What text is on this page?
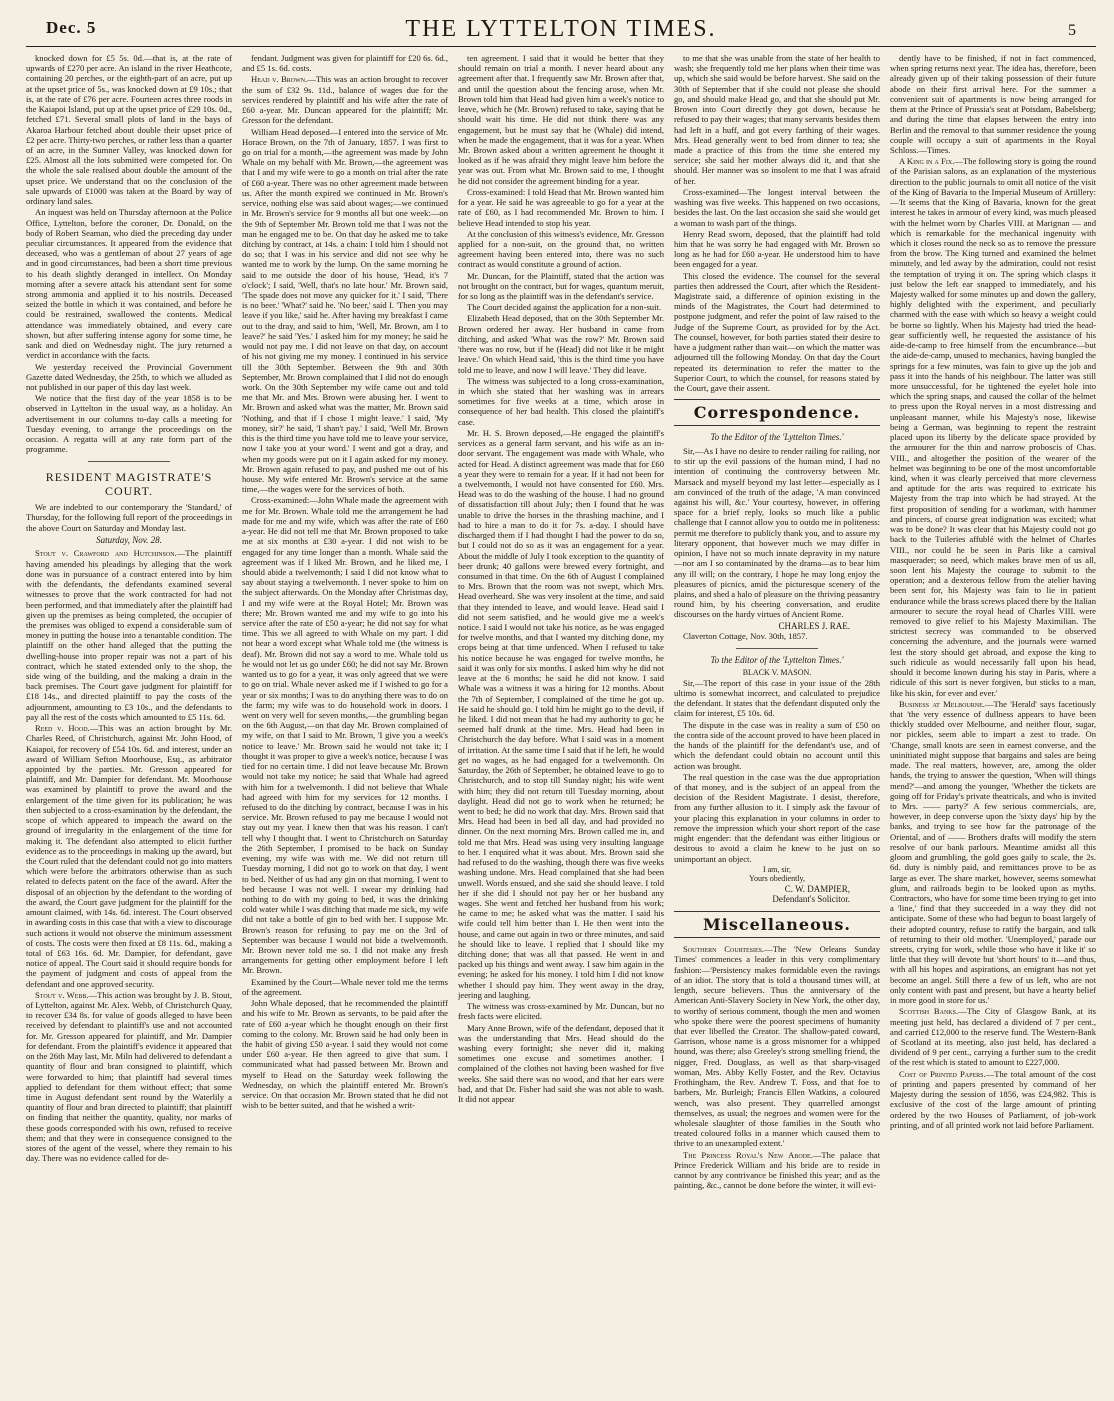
Dec. 5	THE LYTTELTON TIMES.	5

knocked down for £5 5s. 0d.—that is, at the rate of upwards of £270 per acre. An island in the river Heathcote, containing 20 perches, or the eighth-part of an acre, put up at the upset price of 5s., was knocked down at £9 10s.; that is, at the rate of £76 per acre. Fourteen acres three roods in the Kaiapoi Island, put up at the upset price of £29 10s. 0d., fetched £71. Several small plots of land in the bays of Akaroa Harbour fetched about double their upset price of £2 per acre. Thirty-two perches, or rather less than a quarter of an acre, in the Sumner Valley, was knocked down for £25. Almost all the lots submitted were competed for. On the whole the sale realised about double the amount of the upset price. We understand that on the conclusion of the sale upwards of £1000 was taken at the Board by way of ordinary land sales.

An inquest was held on Thursday afternoon at the Police Office, Lyttelton, before the coroner, Dr. Donald, on the body of Robert Seaman, who died the preceding day under peculiar circumstances. It appeared from the evidence that deceased, who was a gentleman of about 27 years of age and in good circumstances, had been a short time previous to his death slightly deranged in intellect. On Monday morning after a severe attack his attendant sent for some strong ammonia and applied it to his nostrils. Deceased seized the bottle in which it was contained, and before he could be restrained, swallowed the contents. Medical attendance was immediately obtained, and every care shown, but after suffering intense agony for some time, he sank and died on Wednesday night. The jury returned a verdict in accordance with the facts.

We yesterday received the Provincial Government Gazette dated Wednesday, the 25th, to which we alluded as not published in our paper of this day last week.

We notice that the first day of the year 1858 is to be observed in Lyttelton in the usual way, as a holiday. An advertisement in our columns to-day calls a meeting for Tuesday evening, to arrange the proceedings on the occasion. A regatta will at any rate form part of the programme.

RESIDENT MAGISTRATE'S COURT.

We are indebted to our contemporary the 'Standard,' of Thursday, for the following full report of the proceedings in the above Court on Saturday and Monday last.

Saturday, Nov. 28.

Stout v. Crawford and Hutchinson.—The plaintiff having amended his pleadings by alleging that the work done was in pursuance of a contract entered into by him with the defendants, the defendants examined several witnesses to prove that the work contracted for had not been performed, and that immediately after the plaintiff had given up the premises as being completed, the occupier of the premises was obliged to expend a considerable sum of money in putting the house into a tenantable condition. The plaintiff on the other hand alleged that the putting the dwelling-house into proper repair was not a part of his contract, which he stated extended only to the shop, the side wing of the building, and the making a drain in the back premises. The Court gave judgment for plaintiff for £18 14s., and directed plaintiff to pay the costs of the adjournment, amounting to £3 10s., and the defendants to pay all the rest of the costs which amounted to £5 11s. 6d.

Reed v. Hood.—This was an action brought by Mr. Charles Reed, of Christchurch, against Mr. John Hood, of Kaiapoi, for recovery of £54 10s. 6d. and interest, under an award of William Sefton Moorhouse, Esq., as arbitrator appointed by the parties. Mr. Gresson appeared for plaintiff, and Mr. Dampier for defendant. Mr. Moorhouse was examined by plaintiff to prove the award and the enlargement of the time given for its publication; he was then subjected to a cross-examination by the defendant, the scope of which appeared to impeach the award on the ground of irregularity in the enlargement of the time for making it. The defendant also attempted to elicit further evidence as to the proceedings in making up the award, but the Court ruled that the defendant could not go into matters which were before the arbitrators otherwise than as such related to defects patent on the face of the award. After the disposal of an objection by the defendant to the wording of the award, the Court gave judgment for the plaintiff for the amount claimed, with 14s. 6d. interest. The Court observed in awarding costs in this case that with a view to discourage such actions it would not observe the minimum assessment of costs. The costs were then fixed at £8 11s. 6d., making a total of £63 16s. 6d. Mr. Dampier, for defendant, gave notice of appeal. The Court said it should require bonds for the payment of judgment and costs of appeal from the defendant and one approved security.

Stout v. Webb.—This action was brought by J. B. Stout, of Lyttelton, against Mr. Alex. Webb, of Christchurch Quay, to recover £34 8s. for value of goods alleged to have been received by defendant to plaintiff's use and not accounted for. Mr. Gresson appeared for plaintiff, and Mr. Dampier for defendant. From the plaintiff's evidence it appeared that on the 26th May last, Mr. Miln had delivered to defendant a quantity of flour and bran consigned to plaintiff, which were forwarded to him; that plaintiff had several times applied to defendant for them without effect; that some time in August defendant sent round by the Waterlily a quantity of flour and bran directed to plaintiff; that plaintiff on finding that neither the quantity, quality, nor marks of these goods corresponded with his own, refused to receive them; and that they were in consequence consigned to the stores of the agent of the vessel, where they remain to his day. There was no evidence called for de-

fendant. Judgment was given for plaintiff for £20 6s. 6d., and £5 1s. 6d. costs.

Head v. Brown.—This was an action brought to recover the sum of £32 9s. 11d., balance of wages due for the services rendered by plaintiff and his wife after the rate of £60 a-year. Mr. Duncan appeared for the plaintiff; Mr. Gresson for the defendant.

William Head deposed—I entered into the service of Mr. Horace Brown, on the 7th of January, 1857. I was first to go on trial for a month,—the agreement was made by John Whale on my behalf with Mr. Brown,—the agreement was that I and my wife were to go a month on trial after the rate of £60 a-year. There was no other agreement made between us. After the month expired we continued in Mr. Brown's service, nothing else was said about wages;—we continued in Mr. Brown's service for 9 months all but one week:—on the 9th of September Mr. Brown told me that I was not the man he engaged me to be. On that day he asked me to take ditching by contract, at 14s. a chain: I told him I should not do so; that I was in his service and did not see why he wanted me to work by the lump. On the same morning he said to me outside the door of his house, 'Head, it's 7 o'clock'; I said, 'Well, that's no late hour.' Mr. Brown said, 'The spade does not move any quicker for it.' I said, 'There is no beer.' 'What?' said he. 'No beer,' said I. 'Then you may leave if you like,' said he. After having my breakfast I came out to the dray, and said to him, 'Well, Mr. Brown, am I to leave?' he said 'Yes.' I asked him for my money; he said he would not pay me. I did not leave on that day, on account of his not giving me my money. I continued in his service till the 30th September. Between the 9th and 30th September, Mr. Brown complained that I did not do enough work. On the 30th September my wife came out and told me that Mr. and Mrs. Brown were abusing her. I went to Mr. Brown and asked what was the matter, Mr. Brown said 'Nothing, and that if I chose I might leave.' I said, 'My money, sir?' he said, 'I shan't pay.' I said, 'Well Mr. Brown this is the third time you have told me to leave your service, now I take you at your word.' I went and got a dray, and when my goods were put on it I again asked for my money. Mr. Brown again refused to pay, and pushed me out of his house. My wife entered Mr. Brown's service at the same time,—the wages were for the services of both.

Cross-examined:—John Whale made the agreement with me for Mr. Brown. Whale told me the arrangement he had made for me and my wife, which was after the rate of £60 a-year. He did not tell me that Mr. Brown proposed to take me at six months at £30 a-year. I did not wish to be engaged for any time longer than a month. Whale said the agreement was if I liked Mr. Brown, and he liked me, I should abide a twelvemonth; I said I did not know what to say about staying a twelvemonth. I never spoke to him on the subject afterwards. On the Monday after Christmas day, I and my wife were at the Royal Hotel; Mr. Brown was there; Mr. Brown wanted me and my wife to go into his service after the rate of £50 a-year; he did not say for what time. This we all agreed to with Whale on my part. I did not hear a word except what Whale told me (the witness is deaf). Mr. Brown did not say a word to me. Whale told us he would not let us go under £60; he did not say Mr. Brown wanted us to go for a year, it was only agreed that we were to go on trial. Whale never asked me if I wished to go for a year or six months; I was to do anything there was to do on the farm; my wife was to do household work in doors. I went on very well for seven months,—the grumbling began on the 6th August,—on that day Mr. Brown complained of my wife, on that I said to Mr. Brown, 'I give you a week's notice to leave.' Mr. Brown said he would not take it; I thought it was proper to give a week's notice, because I was tied for no certain time. I did not leave because Mr. Brown would not take my notice; he said that Whale had agreed with him for a twelvemonth. I did not believe that Whale had agreed with him for my services for 12 months. I refused to do the ditching by contract, because I was in his service. Mr. Brown refused to pay me because I would not stay out my year. I knew then that was his reason. I can't tell why I thought that. I went to Christchurch on Saturday the 26th September, I promised to be back on Sunday evening, my wife was with me. We did not return till Tuesday morning, I did not go to work on that day, I went to bed. Neither of us had any gin on that morning. I went to bed because I was not well. I swear my drinking had nothing to do with my going to bed, it was the drinking cold water while I was ditching that made me sick, my wife did not take a bottle of gin to bed with her. I suppose Mr. Brown's reason for refusing to pay me on the 3rd of September was because I would not bide a twelvemonth. Mr. Brown never told me so. I did not make any fresh arrangements for getting other employment before I left Mr. Brown.

Examined by the Court—Whale never told me the terms of the agreement.

John Whale deposed, that he recommended the plaintiff and his wife to Mr. Brown as servants, to be paid after the rate of £60 a-year which he thought enough on their first coming to the colony. Mr. Brown said he had only been in the habit of giving £50 a-year. I said they would not come under £60 a-year. He then agreed to give that sum. I communicated what had passed between Mr. Brown and myself to Head on the Saturday week following the Wednesday, on which the plaintiff entered Mr. Brown's service. On that occasion Mr. Brown stated that he did not wish to be better suited, and that he wished a writ-

ten agreement. I said that it would be better that they should remain on trial a month. I never heard about any agreement after that. I frequently saw Mr. Brown after that, and until the question about the fencing arose, when Mr. Brown told him that Head had given him a week's notice to leave, which he (Mr. Brown) refused to take, saying that he should wait his time. He did not think there was any engagement, but he must say that he (Whale) did intend, when he made the engagement, that it was for a year. When Mr. Brown asked about a written agreement he thought it looked as if he was afraid they might leave him before the year was out. From what Mr. Brown said to me, I thought he did not consider the agreement binding for a year.

Cross-examined: I told Head that Mr. Brown wanted him for a year. He said he was agreeable to go for a year at the rate of £60, as I had recommended Mr. Brown to him. I believe Head intended to stop his year.

At the conclusion of this witness's evidence, Mr. Gresson applied for a non-suit, on the ground that, no written agreement having been entered into, there was no such contract as would constitute a ground of action.

Mr. Duncan, for the Plaintiff, stated that the action was not brought on the contract, but for wages, quantum meruit, for so long as the plaintiff was in the defendant's service.

The Court decided against the application for a non-suit.

Elizabeth Head deposed, that on the 30th September Mr. Brown ordered her away. Her husband in came from ditching, and asked 'What was the row?' Mr. Brown said 'there was no row, but if he (Head) did not like it he might leave.' On which Head said, 'this is the third time you have told me to leave, and now I will leave.' They did leave.

The witness was subjected to a long cross-examination, in which she stated that her washing was in arrears sometimes for five weeks at a time, which arose in consequence of her bad health. This closed the plaintiff's case.

Mr. H. S. Brown deposed,—He engaged the plaintiff's services as a general farm servant, and his wife as an in-door servant. The engagement was made with Whale, who acted for Head. A distinct agreement was made that for £60 a year they were to remain for a year. If it had not been for a twelvemonth, I would not have consented for £60. Mrs. Head was to do the washing of the house. I had no ground of dissatisfaction till about July; then I found that he was unable to drive the horses in the thrashing machine, and I had to hire a man to do it for 7s. a-day. I should have discharged them if I had thought I had the power to do so, but I could not do so as it was an engagement for a year. About the middle of July I took exception to the quantity of beer drunk; 40 gallons were brewed every fortnight, and consumed in that time. On the 6th of August I complained to Mrs. Brown that the room was not swept, which Mrs. Head overheard. She was very insolent at the time, and said that they intended to leave, and would leave. Head said I did not seem satisfied, and he would give me a week's notice. I said I would not take his notice, as he was engaged for twelve months, and that I wanted my ditching done, my crops being at that time unfenced. When I refused to take his notice because he was engaged for twelve months, he said it was only for six months. I asked him why he did not leave at the 6 months; he said he did not know. I said Whale was a witness it was a hiring for 12 months. About the 7th of September, I complained of the time he got up. He said he should go. I told him he might go to the devil, if he liked. I did not mean that he had my authority to go; he seemed half drunk at the time. Mrs. Head had been in Christchurch the day before. What I said was in a moment of irritation. At the same time I said that if he left, he would get no wages, as he had engaged for a twelvemonth. On Saturday, the 26th of September, he obtained leave to go to Christchurch, and to stop till Sunday night; his wife went with him; they did not return till Tuesday morning, about daylight. Head did not go to work when he returned; he went to bed; he did no work that day. Mrs. Brown said that Mrs. Head had been in bed all day, and had provided no dinner. On the next morning Mrs. Brown called me in, and told me that Mrs. Head was using very insulting language to her. I enquired what it was about. Mrs. Brown said she had refused to do the washing, though there was five weeks washing undone. Mrs. Head complained that she had been unwell. Words ensued, and she said she should leave. I told her if she did I should not pay her or her husband any wages. She went and fetched her husband from his work; he came to me; he asked what was the matter. I said his wife could tell him better than I. He then went into the house, and came out again in two or three minutes, and said he should like to leave. I replied that I should like my ditching done; that was all that passed. He went in and packed up his things and went away. I saw him again in the evening; he asked for his money. I told him I did not know whether I should pay him. They went away in the dray, jeering and laughing.

The witness was cross-examined by Mr. Duncan, but no fresh facts were elicited.

Mary Anne Brown, wife of the defendant, deposed that it was the understanding that Mrs. Head should do the washing every fortnight; she never did it, making sometimes one excuse and sometimes another. I complained of the clothes not having been washed for five weeks. She said there was no wood, and that her ears were bad, and that Dr. Fisher had said she was not able to wash. It did not appear

to me that she was unable from the state of her health to wash; she frequently told me her plans when their time was up, which she said would be before harvest. She said on the 30th of September that if she could not please she should go, and should make Head go, and that she should put Mr. Brown into Court directly they got down, because he refused to pay their wages; that many servants besides them had left in a huff, and got every farthing of their wages. Mrs. Head generally went to bed from dinner to tea; she made a practice of this from the time she entered my service; she said her mother always did it, and that she should. Her manner was so insolent to me that I was afraid of her.

Cross-examined—The longest interval between the washing was five weeks. This happened on two occasions, besides the last. On the last occasion she said she would get a woman to wash part of the things.

Henry Read sworn, deposed, that the plaintiff had told him that he was sorry he had engaged with Mr. Brown so long as he had for £60 a-year. He understood him to have been engaged for a year.

This closed the evidence. The counsel for the several parties then addressed the Court, after which the Resident-Magistrate said, a difference of opinion existing in the minds of the Magistrates, the Court had determined to postpone judgment, and refer the point of law raised to the Judge of the Supreme Court, as provided for by the Act. The counsel, however, for both parties stated their desire to have a judgment rather than wait—on which the matter was adjourned till the following Monday. On that day the Court repeated its determination to refer the matter to the Superior Court, to which the counsel, for reasons stated by the Court, gave their assent.

Correspondence.
To the Editor of the 'Lyttelton Times.'

Sir,—As I have no desire to render railing for railing, nor to stir up the evil passions of the human mind, I had no intention of continuing the controversy between Mr. Marsack and myself beyond my last letter—especially as I am convinced of the truth of the adage, 'A man convinced against his will, &c.' Your courtesy, however, in offering space for a brief reply, looks so much like a public challenge that I cannot allow you to outdo me in politeness: permit me therefore to publicly thank you, and to assure my literary opponent, that however much we may differ in opinion, I have not so much innate depravity in my nature—nor am I so contaminated by the drama—as to bear him any ill will; on the contrary, I hope he may long enjoy the pleasures of picnics, amid the picturesque scenery of the plains, and shed a halo of pleasure on the thriving peasantry round him, by his cheering conversation, and erudite discourses on the hardy virtues of Ancient Rome.

CHARLES J. RAE.

Claverton Cottage, Nov. 30th, 1857.

To the Editor of the 'Lyttelton Times.'
BLACK V. MASON.

Sir,—The report of this case in your issue of the 28th ultimo is somewhat incorrect, and calculated to prejudice the defendant. It states that the defendant disputed only the claim for interest, £5 10s. 6d.

The dispute in the case was in reality a sum of £50 on the contra side of the account proved to have been placed in the hands of the plaintiff for the defendant's use, and of which the defendant could obtain no account until this action was brought.

The real question in the case was the due appropriation of that money, and is the subject of an appeal from the decision of the Resident Magistrate. I desist, therefore, from any further allusion to it. I simply ask the favour of your placing this explanation in your columns in order to remove the impression which your short report of the case might engender: that the defendant was either litigious or desirous to avoid a claim he knew to be just on so unimportant an object.

I am, sir,
Yours obediently,
C. W. DAMPIER,
Defendant's Solicitor.
Miscellaneous.

Southern Courtesies.—The 'New Orleans Sunday Times' commences a leader in this very complimentary fashion:—'Persistency makes formidable even the ravings of an idiot. The story that is told a thousand times will, at length, secure believers. Thus the anniversary of the American Anti-Slavery Society in New York, the other day, to worthy of serious comment, though the men and women who spoke there were the poorest specimens of humanity that ever libelled the Creator. The shallow-pated coward, Garrison, whose name is a gross misnomer for a whipped hound, was there; also Greeley's strong smelling friend, the nigger, Fred. Douglass, as well as that sharp-visaged woman, Mrs. Abby Kelly Foster, and the Rev. Octavius Frothingham, the Rev. Andrew T. Foss, and that foe to barbers, Mr. Burleigh; Francis Ellen Watkins, a coloured wench, was also present. They quarrelled amongst themselves, as usual; the negroes and women were for the wholesale slaughter of those families in the South who treated coloured folks in a manner which caused them to thrive to an unexampled extent.'

The Princess Royal's New Abode.—The palace that Prince Frederick William and his bride are to reside in cannot by any contrivance be finished this year; and as the painting, &c., cannot be done before the winter, it will evi-

dently have to be finished, if not in fact commenced, when spring returns next year. The idea has, therefore, been already given up of their taking possession of their future abode on their first arrival here. For the summer a convenient suit of apartments is now being arranged for them at the Prince of Prussia's seat at Potsdam, Babelsberg; and during the time that elapses between the entry into Berlin and the removal to that summer residence the young couple will occupy a suit of apartments in the Royal Schloss.—Times.

A King in a Fix.—The following story is going the round of the Parisian salons, as an explanation of the mysterious direction to the public journals to omit all notice of the visit of the King of Bavaria to the Imperial Museum of Artillery:—'It seems that the King of Bavaria, known for the great interest he takes in armour of every kind, was much pleased with the helmet worn by Charles VIII. at Marignan — and which is remarkable for the mechanical ingenuity with which it closes round the neck so as to remove the pressure from the brow. The King turned and examined the helmet minutely, and led away by the admiration, could not resist the temptation of trying it on. The spring which clasps it just below the left ear snapped to immediately, and his Majesty walked for some minutes up and down the gallery, highly delighted with the experiment, and peculiarly charmed with the ease with which so heavy a weight could be borne so lightly. When his Majesty had tried the head-gear sufficiently well, he requested the assistance of his aide-de-camp to free himself from the encumbrance—but the aide-de-camp, unused to mechanics, having bungled the springs for a few minutes, was fain to give up the job and pass it into the hands of his neighbour. The latter was still more unsuccessful, for he tightened the eyelet hole into which the spring snaps, and caused the collar of the helmet to press upon the Royal nerves in a most distressing and unpleasant manner, while his Majesty's nose, likewise being a German, was beginning to repent the restraint placed upon its liberty by the delicate space provided by the armourer for the thin and narrow proboscis of Chas. VIII., and altogether the position of the wearer of the helmet was beginning to be one of the most uncomfortable kind, when it was clearly perceived that more cleverness and aptitude for the arts was required to extricate his Majesty from the trap into which he had strayed. At the first proposition of sending for a workman, with hammer and pincers, of course great indignation was excited; what was to be done? It was clear that his Majesty could not go back to the Tuileries affublé with the helmet of Charles VIII., nor could he be seen in Paris like a carnival masquerader; so need, which makes brave men of us all, soon lent his Majesty the courage to submit to the operation; and a dexterous fellow from the atelier having been sent for, his Majesty was fain to lie in patient endurance while the brass screws placed there by the Italian armourer to secure the royal head of Charles VIII. were removed to give relief to his Majesty Maximilian. The strictest secrecy was commanded to be observed concerning the adventure, and the journals were warned lest the story should get abroad, and expose the king to such ridicule as would necessarily fall upon his head, should it become known during his stay in Paris, where a ridicule of this sort is never forgiven, but sticks to a man, like his skin, for ever and ever.'

Business at Melbourne.—The 'Herald' says facetiously that 'the very essence of dullness appears to have been thickly studded over Melbourne, and neither flour, sugar, nor pickles, seem able to impart a zest to trade. On 'Change, small knots are seen in earnest converse, and the uninitiated might suppose that bargains and sales are being made. The real matters, however, are, among the older hands, the trying to answer the question, 'When will things mend?'—and among the younger, 'Whether the tickets are going off for Friday's private theatricals, and who is invited to Mrs. —— party?' A few serious commercials, are, however, in deep converse upon the 'sixty days' hip by the banks, and trying to see how far the patronage of the Oriental, and of —— Brothers drafts will modify the stern resolve of our bank parlours. Meantime amidst all this gloom and grumbling, the gold goes gaily to scale, the 2s. 6d. duty is nimbly paid, and remittances prove to be as large as ever. The share market, however, seems somewhat glum, and railroads begin to be looked upon as myths. Contractors, who have for some time been trying to get into a 'line,' find that they succeeded in a way they did not anticipate. Some of these who had begun to boast largely of their adopted country, refuse to ratify the bargain, and talk of returning to their old mother. 'Unemployed,' parade our streets, crying for work, while those who have it like it' so little that they will devote but 'short hours' to it—and thus, with all his hopes and aspirations, an emigrant has not yet become an angel. Still there a few of us left, who are not only content with past and present, but have a hearty belief in more good in store for us.'

Scottish Banks.—The City of Glasgow Bank, at its meeting just held, has declared a dividend of 7 per cent., and carried £12,000 to the reserve fund. The Western-Bank of Scotland at its meeting, also just held, has declared a dividend of 9 per cent., carrying a further sum to the credit of the rest which is stated to amount to £227,000.

Cost of Printed Papers.—The total amount of the cost of printing and papers presented by command of her Majesty during the session of 1856, was £24,982. This is exclusive of the cost of the large amount of printing ordered by the two Houses of Parliament, of job-work printing, and of all printed work not laid before Parliament.
